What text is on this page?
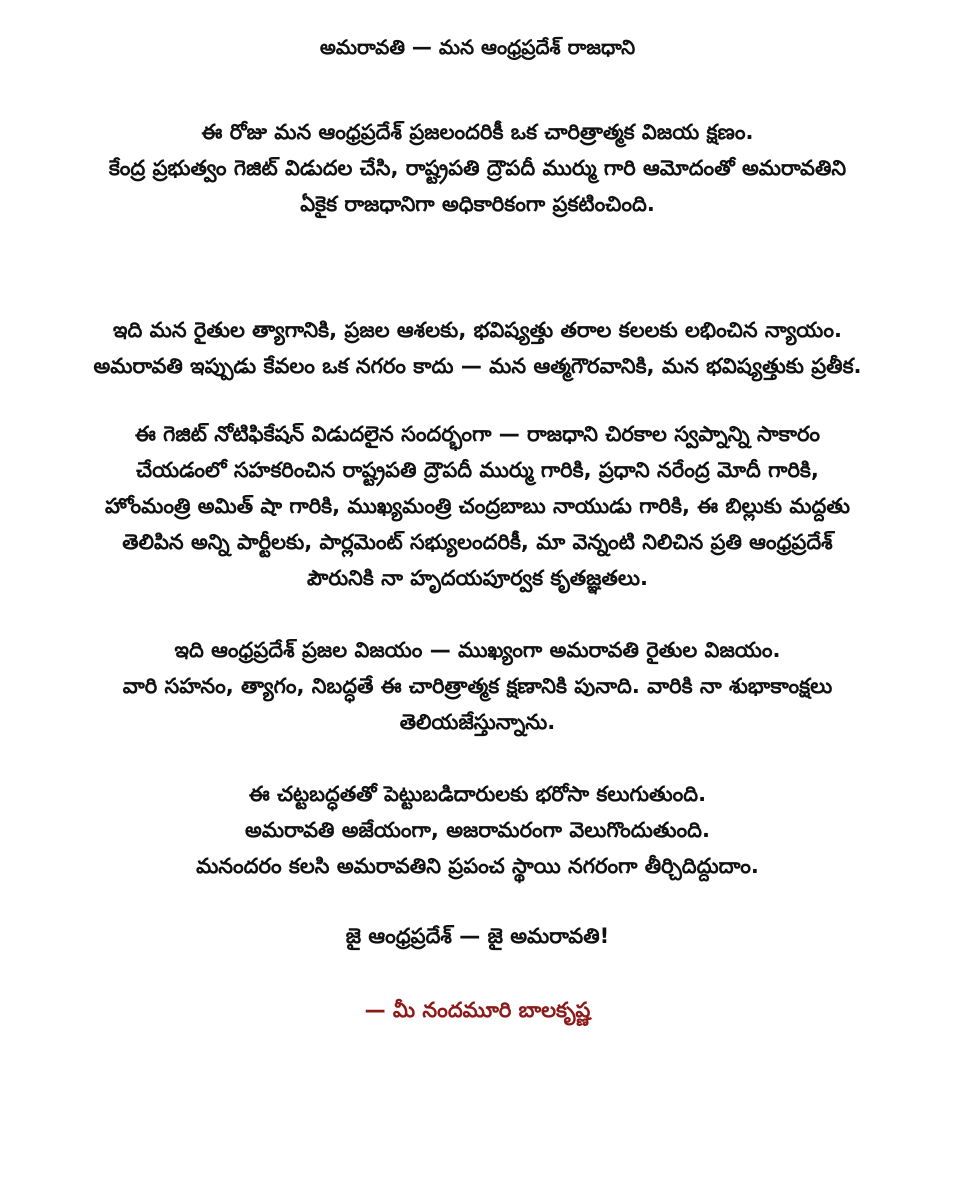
అమరావతి — మన ఆంధ్రప్రదేశ్ రాజధాని
ఈ రోజు మన ఆంధ్రప్రదేశ్ ప్రజలందరికీ ఒక చారిత్రాత్మక విజయ క్షణం.
కేంద్ర ప్రభుత్వం గెజిట్ విడుదల చేసి, రాష్ట్రపతి ద్రౌపదీ ముర్ము గారి ఆమోదంతో అమరావతిని
ఏకైక రాజధానిగా అధికారికంగా ప్రకటించింది.
ఇది మన రైతుల త్యాగానికి, ప్రజల ఆశలకు, భవిష్యత్తు తరాల కలలకు లభించిన న్యాయం.
అమరావతి ఇప్పుడు కేవలం ఒక నగరం కాదు — మన ఆత్మగౌరవానికి, మన భవిష్యత్తుకు ప్రతీక.
ఈ గెజిట్ నోటిఫికేషన్ విడుదలైన సందర్భంగా — రాజధాని చిరకాల స్వప్నాన్ని సాకారం
చేయడంలో సహకరించిన రాష్ట్రపతి ద్రౌపదీ ముర్ము గారికి, ప్రధాని నరేంద్ర మోదీ గారికి,
హోంమంత్రి అమిత్ షా గారికి, ముఖ్యమంత్రి చంద్రబాబు నాయుడు గారికి, ఈ బిల్లుకు మద్దతు
తెలిపిన అన్ని పార్టీలకు, పార్లమెంట్ సభ్యులందరికీ, మా వెన్నంటి నిలిచిన ప్రతి ఆంధ్రప్రదేశ్
పౌరునికి నా హృదయపూర్వక కృతజ్ఞతలు.
ఇది ఆంధ్రప్రదేశ్ ప్రజల విజయం — ముఖ్యంగా అమరావతి రైతుల విజయం.
వారి సహనం, త్యాగం, నిబద్ధతే ఈ చారిత్రాత్మక క్షణానికి పునాది. వారికి నా శుభాకాంక్షలు
తెలియజేస్తున్నాను.
ఈ చట్టబద్ధతతో పెట్టుబడిదారులకు భరోసా కలుగుతుంది.
అమరావతి అజేయంగా, అజరామరంగా వెలుగొందుతుంది.
మనందరం కలసి అమరావతిని ప్రపంచ స్థాయి నగరంగా తీర్చిదిద్దుదాం.
జై ఆంధ్రప్రదేశ్ — జై అమరావతి!
— మీ నందమూరి బాలకృష్ణ
